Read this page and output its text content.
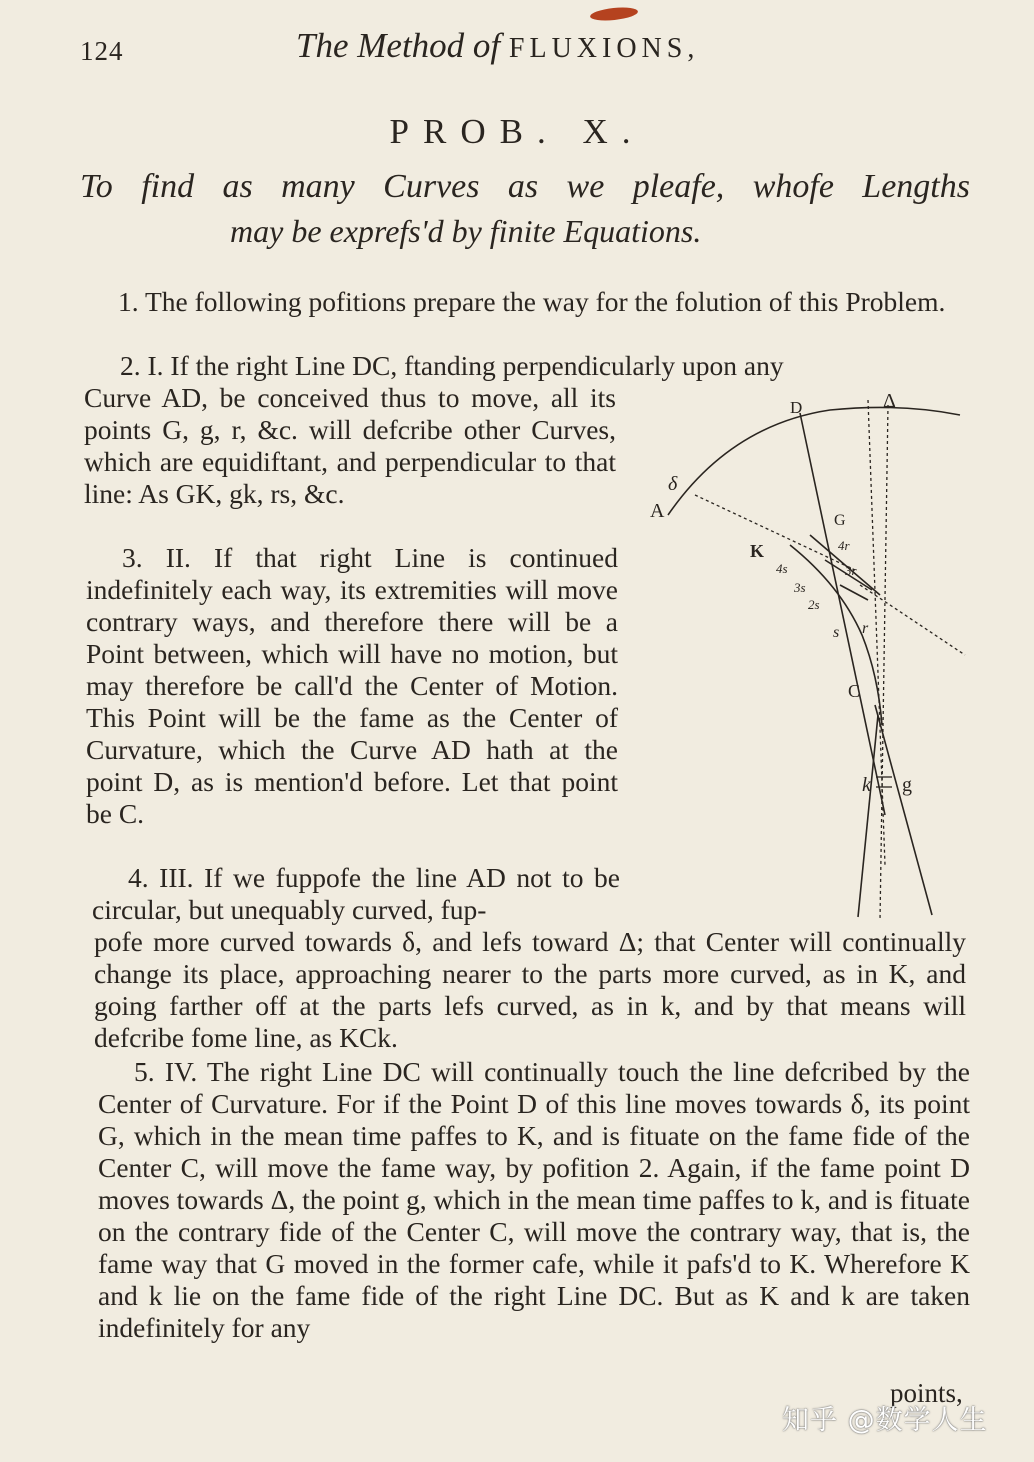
124	The Method of FLUXIONS,
PROB. X.
To find as many Curves as we pleafe, whofe Lengths
may be exprefs'd by finite Equations.
1. The following pofitions prepare the way for the folution of this Problem.
2. I. If the right Line DC, ftanding perpendicularly upon any
Curve AD, be conceived thus to move, all its points G, g, r, &c. will defcribe other Curves, which are equidiftant, and perpendicular to that line: As GK, gk, rs, &c.
3. II. If that right Line is continued indefinitely each way, its extremities will move contrary ways, and therefore there will be a Point between, which will have no motion, but may therefore be call'd the Center of Motion. This Point will be the fame as the Center of Curvature, which the Curve AD hath at the point D, as is mention'd before. Let that point be C.
4. III. If we fuppofe the line AD not to be circular, but unequably curved, fup-
pofe more curved towards δ, and lefs toward Δ; that Center will continually change its place, approaching nearer to the parts more curved, as in K, and going farther off at the parts lefs curved, as in k, and by that means will defcribe fome line, as KCk.
5. IV. The right Line DC will continually touch the line defcribed by the Center of Curvature. For if the Point D of this line moves towards δ, its point G, which in the mean time paffes to K, and is fituate on the fame fide of the Center C, will move the fame way, by pofition 2. Again, if the fame point D moves towards Δ, the point g, which in the mean time paffes to k, and is fituate on the contrary fide of the Center C, will move the contrary way, that is, the fame way that G moved in the former cafe, while it pafs'd to K. Wherefore K and k lie on the fame fide of the right Line DC. But as K and k are taken indefinitely for any
points,
D	Δ
δ
A	G
K	4r
4s	3r
3s
2s
s r
C
k g
知乎 @数学人生
